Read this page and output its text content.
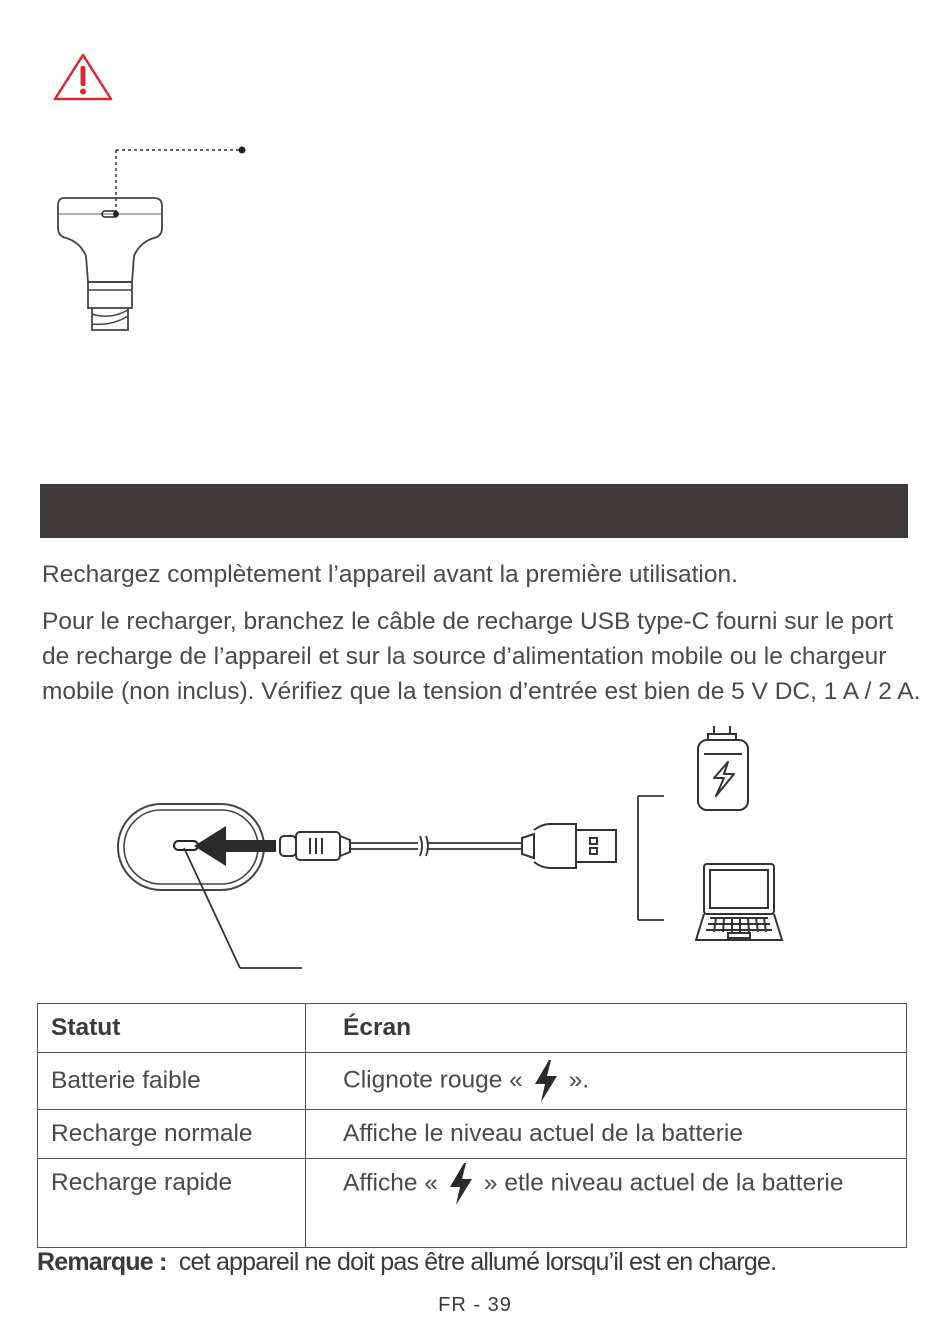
Rechargez complètement l’appareil avant la première utilisation.

Pour le recharger, branchez le câble de recharge USB type-C fourni sur le port de recharge de l’appareil et sur la source d’alimentation mobile ou le chargeur mobile (non inclus). Vérifiez que la tension d’entrée est bien de 5 V DC, 1 A / 2 A.

Statut	Écran
Batterie faible	Clignote rouge « ».
Recharge normale	Affiche le niveau actuel de la batterie
Recharge rapide	Affiche « » etle niveau actuel de la batterie
Remarque : cet appareil ne doit pas être allumé lorsqu’il est en charge.
FR - 39
